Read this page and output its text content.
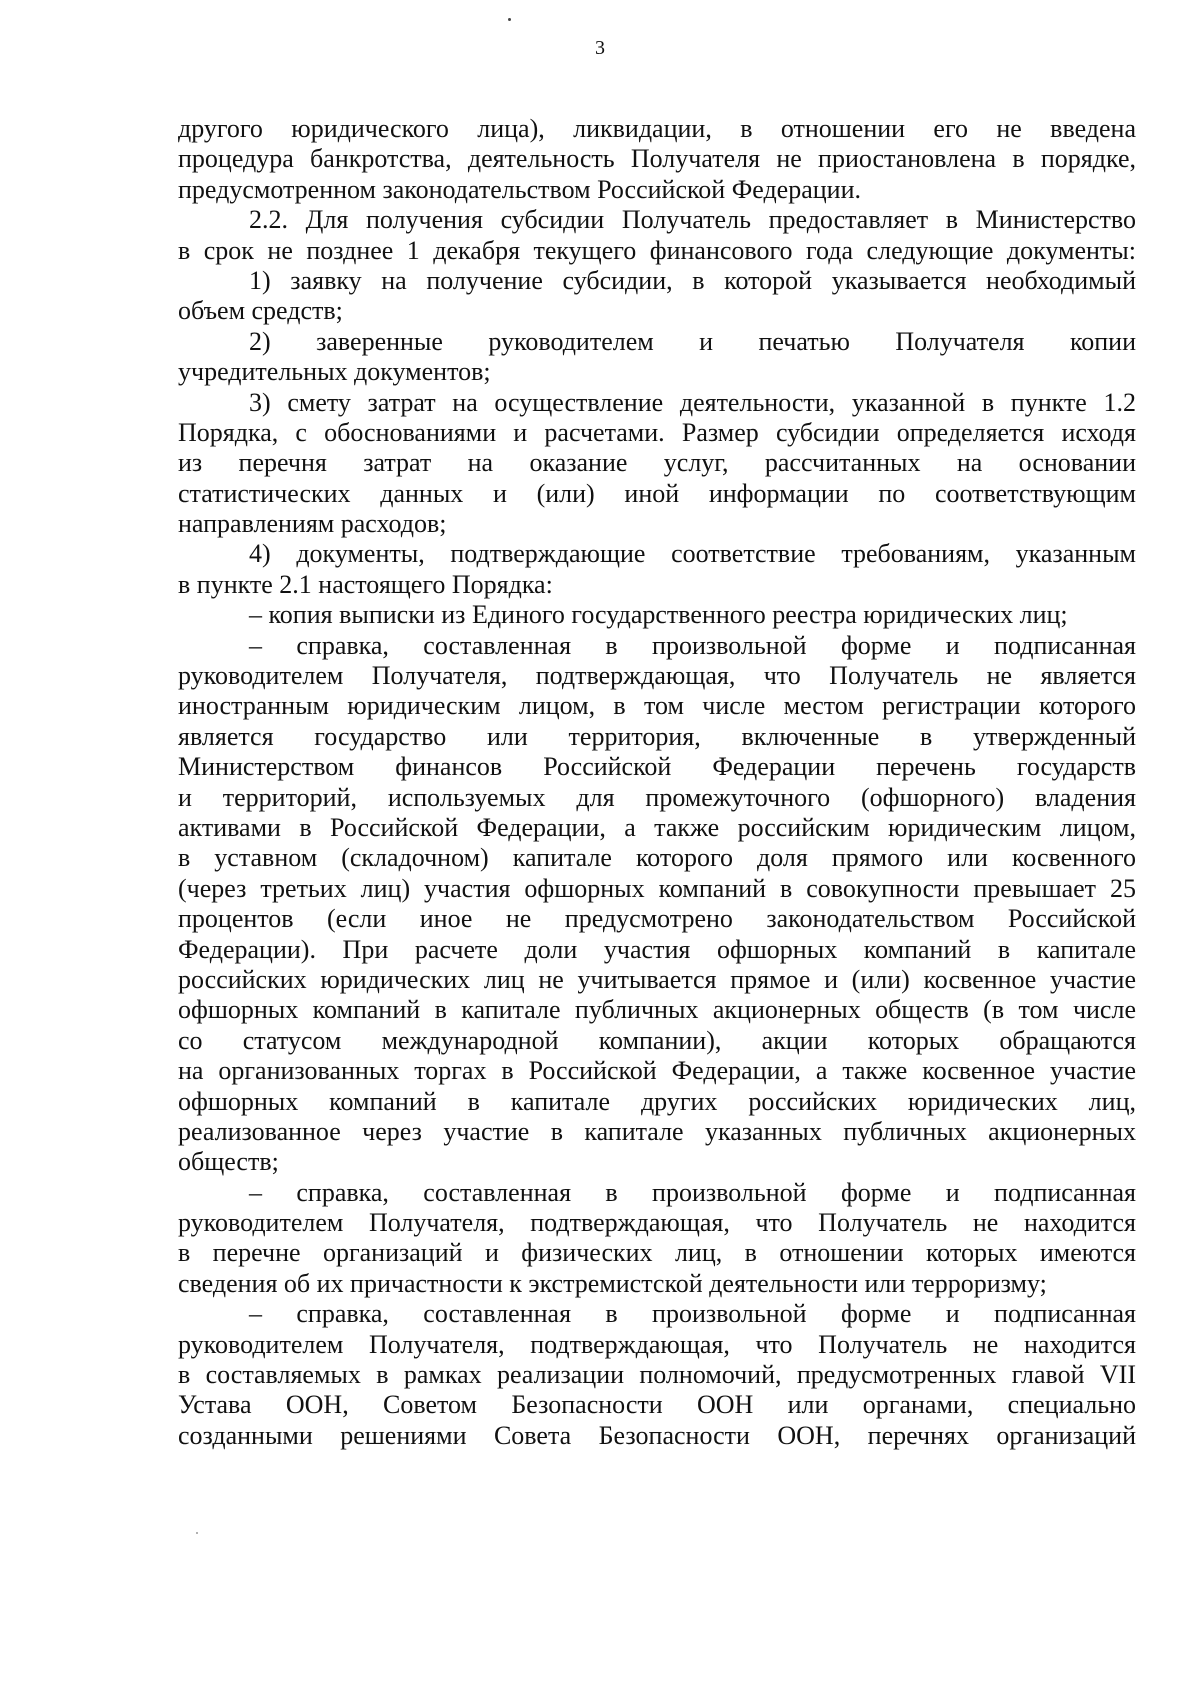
3
другого юридического лица), ликвидации, в отношении его не введена
процедура банкротства, деятельность Получателя не приостановлена в порядке,
предусмотренном законодательством Российской Федерации.
2.2. Для получения субсидии Получатель предоставляет в Министерство
в срок не позднее 1 декабря текущего финансового года следующие документы:
1) заявку на получение субсидии, в которой указывается необходимый
объем средств;
2) заверенные руководителем и печатью Получателя копии
учредительных документов;
3) смету затрат на осуществление деятельности, указанной в пункте 1.2
Порядка, с обоснованиями и расчетами. Размер субсидии определяется исходя
из перечня затрат на оказание услуг, рассчитанных на основании
статистических данных и (или) иной информации по соответствующим
направлениям расходов;
4) документы, подтверждающие соответствие требованиям, указанным
в пункте 2.1 настоящего Порядка:
– копия выписки из Единого государственного реестра юридических лиц;
– справка, составленная в произвольной форме и подписанная
руководителем Получателя, подтверждающая, что Получатель не является
иностранным юридическим лицом, в том числе местом регистрации которого
является государство или территория, включенные в утвержденный
Министерством финансов Российской Федерации перечень государств
и территорий, используемых для промежуточного (офшорного) владения
активами в Российской Федерации, а также российским юридическим лицом,
в уставном (складочном) капитале которого доля прямого или косвенного
(через третьих лиц) участия офшорных компаний в совокупности превышает 25
процентов (если иное не предусмотрено законодательством Российской
Федерации). При расчете доли участия офшорных компаний в капитале
российских юридических лиц не учитывается прямое и (или) косвенное участие
офшорных компаний в капитале публичных акционерных обществ (в том числе
со статусом международной компании), акции которых обращаются
на организованных торгах в Российской Федерации, а также косвенное участие
офшорных компаний в капитале других российских юридических лиц,
реализованное через участие в капитале указанных публичных акционерных
обществ;
– справка, составленная в произвольной форме и подписанная
руководителем Получателя, подтверждающая, что Получатель не находится
в перечне организаций и физических лиц, в отношении которых имеются
сведения об их причастности к экстремистской деятельности или терроризму;
– справка, составленная в произвольной форме и подписанная
руководителем Получателя, подтверждающая, что Получатель не находится
в составляемых в рамках реализации полномочий, предусмотренных главой VII
Устава ООН, Советом Безопасности ООН или органами, специально
созданными решениями Совета Безопасности ООН, перечнях организаций
